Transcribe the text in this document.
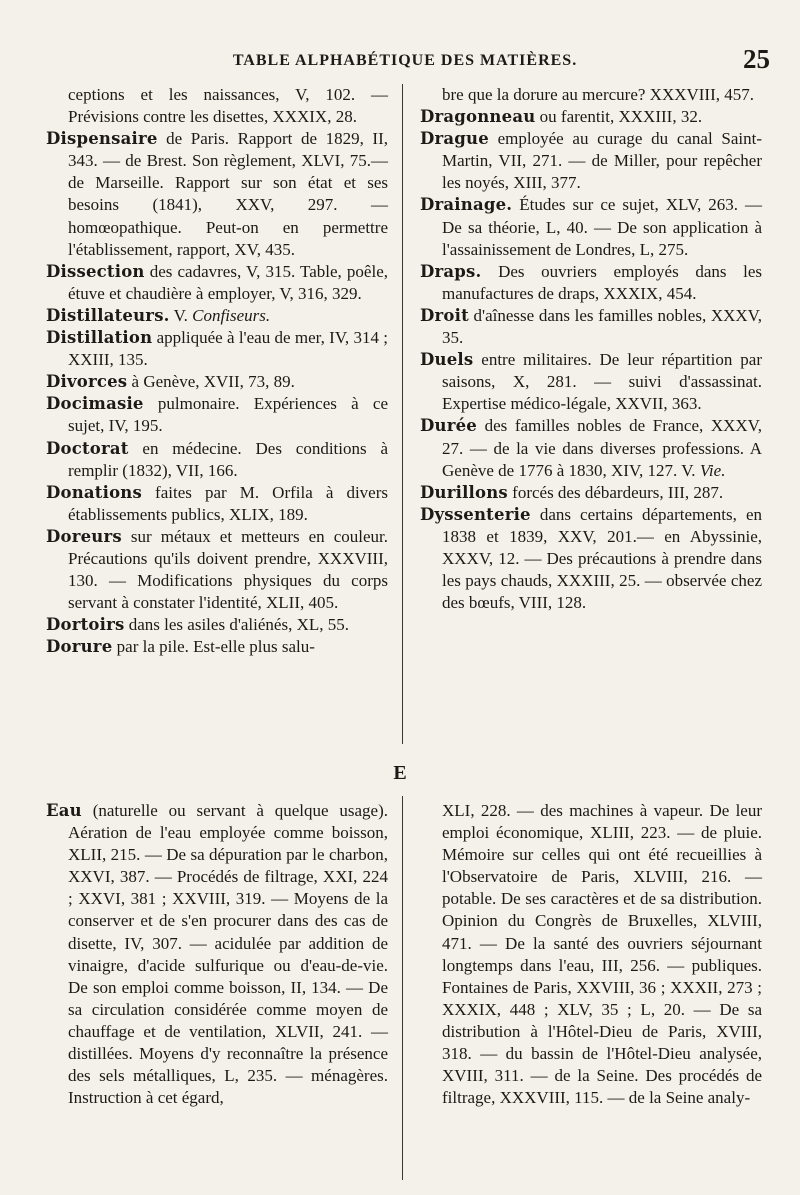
TABLE ALPHABÉTIQUE DES MATIÈRES.	25

ceptions et les naissances, V, 102. — Prévisions contre les disettes, XXXIX, 28.

Dispensaire de Paris. Rapport de 1829, II, 343. — de Brest. Son règlement, XLVI, 75.— de Marseille. Rapport sur son état et ses besoins (1841), XXV, 297. — homœopathique. Peut-on en permettre l'établissement, rapport, XV, 435.

Dissection des cadavres, V, 315. Table, poêle, étuve et chaudière à employer, V, 316, 329.

Distillateurs. V. Confiseurs.

Distillation appliquée à l'eau de mer, IV, 314 ; XXIII, 135.

Divorces à Genève, XVII, 73, 89.

Docimasie pulmonaire. Expériences à ce sujet, IV, 195.

Doctorat en médecine. Des conditions à remplir (1832), VII, 166.

Donations faites par M. Orfila à divers établissements publics, XLIX, 189.

Doreurs sur métaux et metteurs en couleur. Précautions qu'ils doivent prendre, XXXVIII, 130. — Modifications physiques du corps servant à constater l'identité, XLII, 405.

Dortoirs dans les asiles d'aliénés, XL, 55.

Dorure par la pile. Est-elle plus salu-

bre que la dorure au mercure? XXXVIII, 457.

Dragonneau ou farentit, XXXIII, 32.

Drague employée au curage du canal Saint-Martin, VII, 271. — de Miller, pour repêcher les noyés, XIII, 377.

Drainage. Études sur ce sujet, XLV, 263. — De sa théorie, L, 40. — De son application à l'assainissement de Londres, L, 275.

Draps. Des ouvriers employés dans les manufactures de draps, XXXIX, 454.

Droit d'aînesse dans les familles nobles, XXXV, 35.

Duels entre militaires. De leur répartition par saisons, X, 281. — suivi d'assassinat. Expertise médico-légale, XXVII, 363.

Durée des familles nobles de France, XXXV, 27. — de la vie dans diverses professions. A Genève de 1776 à 1830, XIV, 127. V. Vie.

Durillons forcés des débardeurs, III, 287.

Dyssenterie dans certains départements, en 1838 et 1839, XXV, 201.— en Abyssinie, XXXV, 12. — Des précautions à prendre dans les pays chauds, XXXIII, 25. — observée chez des bœufs, VIII, 128.

E

Eau (naturelle ou servant à quelque usage). Aération de l'eau employée comme boisson, XLII, 215. — De sa dépuration par le charbon, XXVI, 387. — Procédés de filtrage, XXI, 224 ; XXVI, 381 ; XXVIII, 319. — Moyens de la conserver et de s'en procurer dans des cas de disette, IV, 307. — acidulée par addition de vinaigre, d'acide sulfurique ou d'eau-de-vie. De son emploi comme boisson, II, 134. — De sa circulation considérée comme moyen de chauffage et de ventilation, XLVII, 241. — distillées. Moyens d'y reconnaître la présence des sels métalliques, L, 235. — ménagères. Instruction à cet égard,

XLI, 228. — des machines à vapeur. De leur emploi économique, XLIII, 223. — de pluie. Mémoire sur celles qui ont été recueillies à l'Observatoire de Paris, XLVIII, 216. — potable. De ses caractères et de sa distribution. Opinion du Congrès de Bruxelles, XLVIII, 471. — De la santé des ouvriers séjournant longtemps dans l'eau, III, 256. — publiques. Fontaines de Paris, XXVIII, 36 ; XXXII, 273 ; XXXIX, 448 ; XLV, 35 ; L, 20. — De sa distribution à l'Hôtel-Dieu de Paris, XVIII, 318. — du bassin de l'Hôtel-Dieu analysée, XVIII, 311. — de la Seine. Des procédés de filtrage, XXXVIII, 115. — de la Seine analy-
